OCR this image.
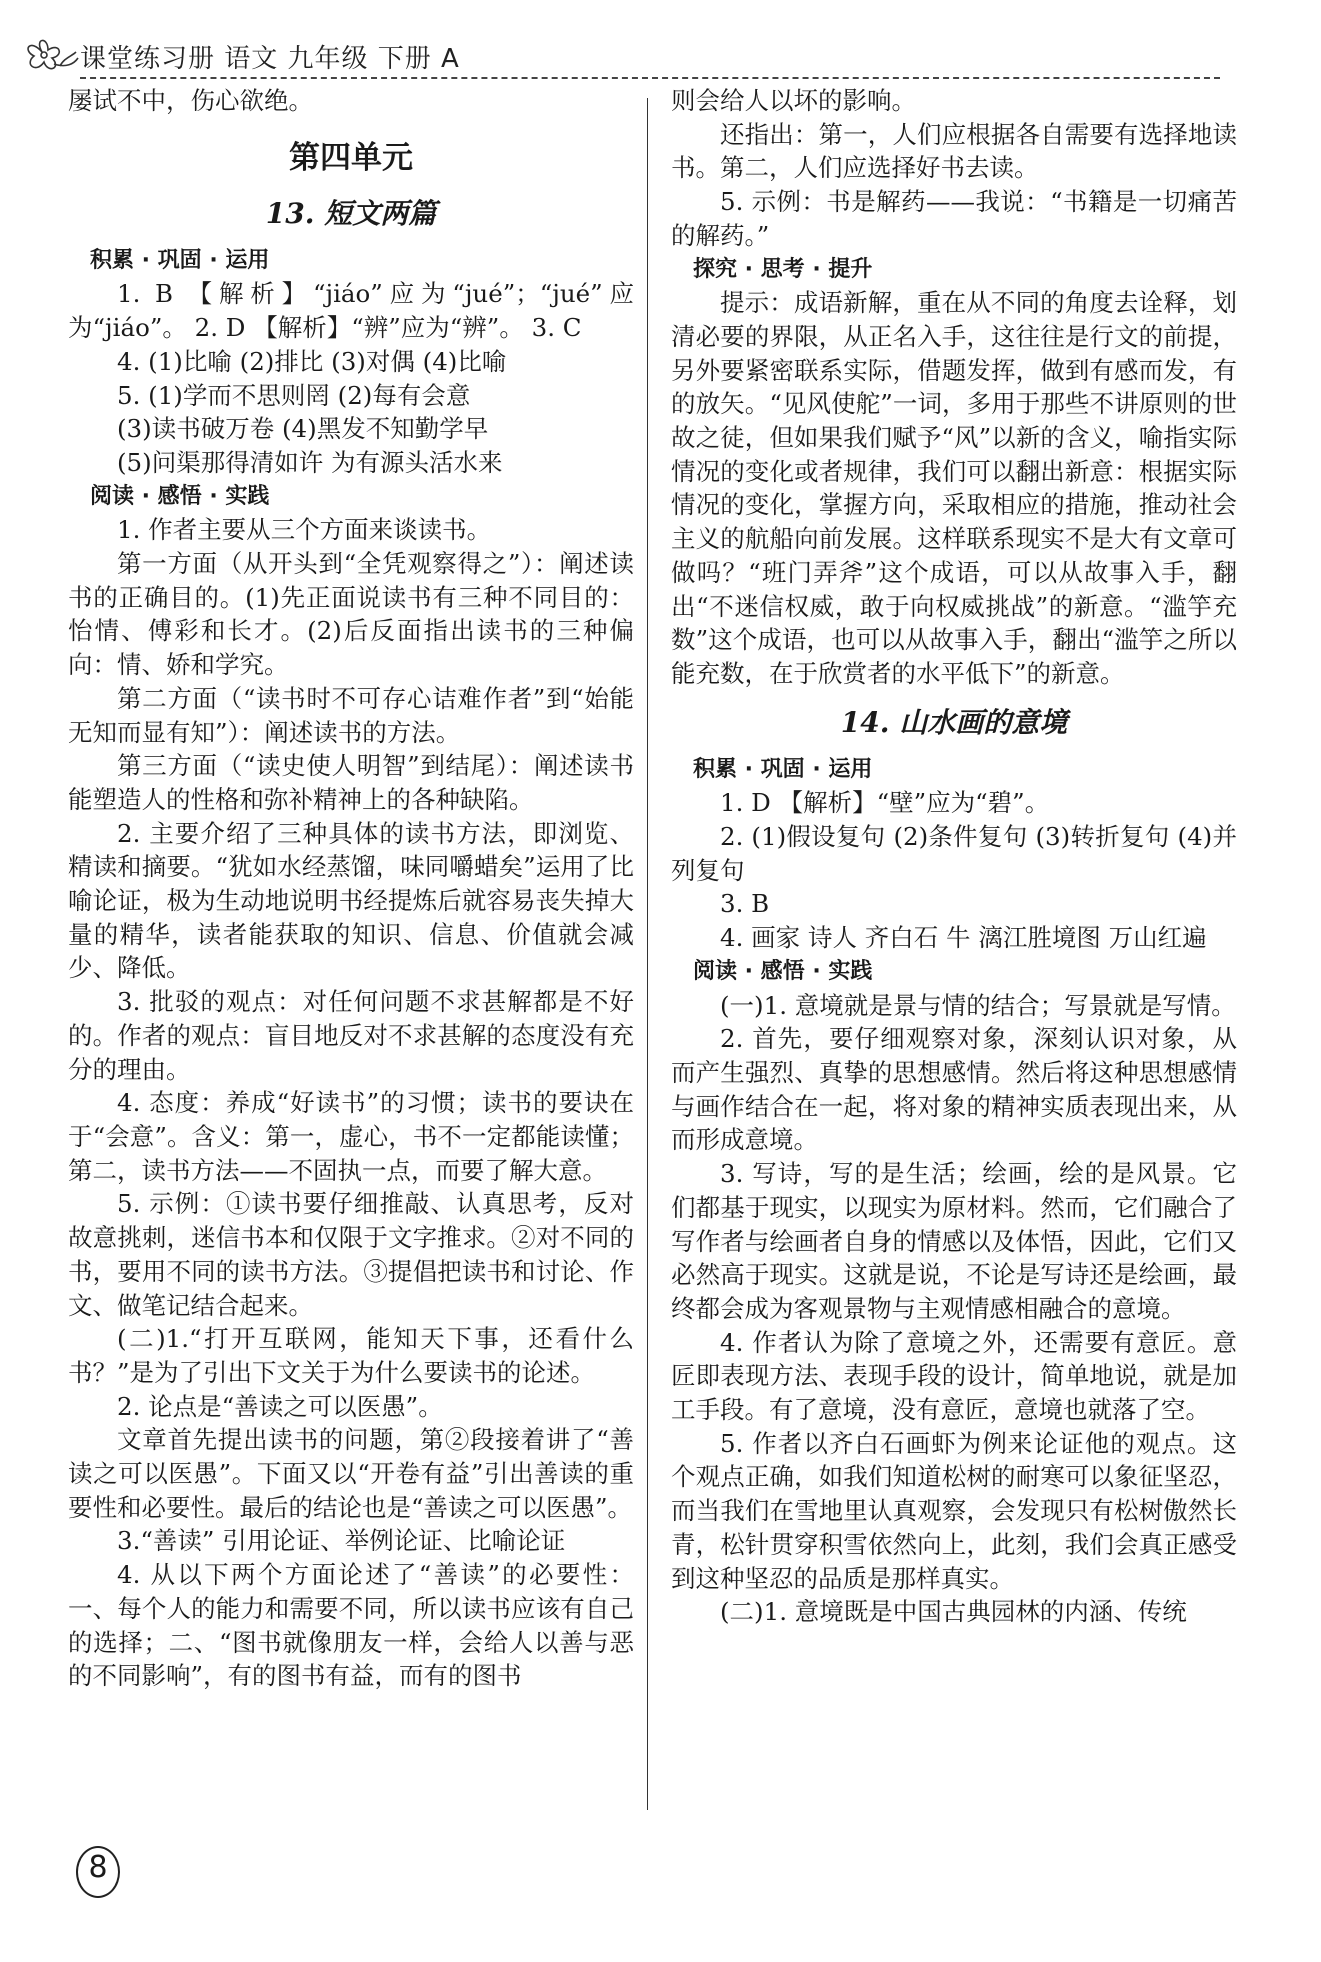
课堂练习册 语文 九年级 下册 A

屡试不中，伤心欲绝。

第四单元
13. 短文两篇

积累 · 巩固 · 运用

1. B 【解析】“jiáo”应为“jué”；“jué”应为“jiáo”。 2. D 【解析】“辨”应为“辨”。 3. C

4. (1)比喻 (2)排比 (3)对偶 (4)比喻

5. (1)学而不思则罔 (2)每有会意

(3)读书破万卷 (4)黑发不知勤学早

(5)问渠那得清如许 为有源头活水来

阅读 · 感悟 · 实践

1. 作者主要从三个方面来谈读书。

第一方面（从开头到“全凭观察得之”）：阐述读书的正确目的。(1)先正面说读书有三种不同目的：怡情、傅彩和长才。(2)后反面指出读书的三种偏向：情、娇和学究。

第二方面（“读书时不可存心诘难作者”到“始能无知而显有知”）：阐述读书的方法。

第三方面（“读史使人明智”到结尾）：阐述读书能塑造人的性格和弥补精神上的各种缺陷。

2. 主要介绍了三种具体的读书方法，即浏览、精读和摘要。“犹如水经蒸馏，味同嚼蜡矣”运用了比喻论证，极为生动地说明书经提炼后就容易丧失掉大量的精华，读者能获取的知识、信息、价值就会减少、降低。

3. 批驳的观点：对任何问题不求甚解都是不好的。作者的观点：盲目地反对不求甚解的态度没有充分的理由。

4. 态度：养成“好读书”的习惯；读书的要诀在于“会意”。含义：第一，虚心，书不一定都能读懂；第二，读书方法——不固执一点，而要了解大意。

5. 示例：①读书要仔细推敲、认真思考，反对故意挑刺，迷信书本和仅限于文字推求。②对不同的书，要用不同的读书方法。③提倡把读书和讨论、作文、做笔记结合起来。

(二)1.“打开互联网，能知天下事，还看什么书？”是为了引出下文关于为什么要读书的论述。

2. 论点是“善读之可以医愚”。

文章首先提出读书的问题，第②段接着讲了“善读之可以医愚”。下面又以“开卷有益”引出善读的重要性和必要性。最后的结论也是“善读之可以医愚”。

3.“善读” 引用论证、举例论证、比喻论证

4. 从以下两个方面论述了“善读”的必要性：一、每个人的能力和需要不同，所以读书应该有自己的选择；二、“图书就像朋友一样，会给人以善与恶的不同影响”，有的图书有益，而有的图书

则会给人以坏的影响。

还指出：第一，人们应根据各自需要有选择地读书。第二，人们应选择好书去读。

5. 示例：书是解药——我说：“书籍是一切痛苦的解药。”

探究 · 思考 · 提升

提示：成语新解，重在从不同的角度去诠释，划清必要的界限，从正名入手，这往往是行文的前提，另外要紧密联系实际，借题发挥，做到有感而发，有的放矢。“见风使舵”一词，多用于那些不讲原则的世故之徒，但如果我们赋予“风”以新的含义，喻指实际情况的变化或者规律，我们可以翻出新意：根据实际情况的变化，掌握方向，采取相应的措施，推动社会主义的航船向前发展。这样联系现实不是大有文章可做吗？“班门弄斧”这个成语，可以从故事入手，翻出“不迷信权威，敢于向权威挑战”的新意。“滥竽充数”这个成语，也可以从故事入手，翻出“滥竽之所以能充数，在于欣赏者的水平低下”的新意。

14. 山水画的意境

积累 · 巩固 · 运用

1. D 【解析】“壁”应为“碧”。

2. (1)假设复句 (2)条件复句 (3)转折复句 (4)并列复句

3. B

4. 画家 诗人 齐白石 牛 漓江胜境图 万山红遍

阅读 · 感悟 · 实践

(一)1. 意境就是景与情的结合；写景就是写情。

2. 首先，要仔细观察对象，深刻认识对象，从而产生强烈、真挚的思想感情。然后将这种思想感情与画作结合在一起，将对象的精神实质表现出来，从而形成意境。

3. 写诗，写的是生活；绘画，绘的是风景。它们都基于现实，以现实为原材料。然而，它们融合了写作者与绘画者自身的情感以及体悟，因此，它们又必然高于现实。这就是说，不论是写诗还是绘画，最终都会成为客观景物与主观情感相融合的意境。

4. 作者认为除了意境之外，还需要有意匠。意匠即表现方法、表现手段的设计，简单地说，就是加工手段。有了意境，没有意匠，意境也就落了空。

5. 作者以齐白石画虾为例来论证他的观点。这个观点正确，如我们知道松树的耐寒可以象征坚忍，而当我们在雪地里认真观察，会发现只有松树傲然长青，松针贯穿积雪依然向上，此刻，我们会真正感受到这种坚忍的品质是那样真实。

(二)1. 意境既是中国古典园林的内涵、传统

8
